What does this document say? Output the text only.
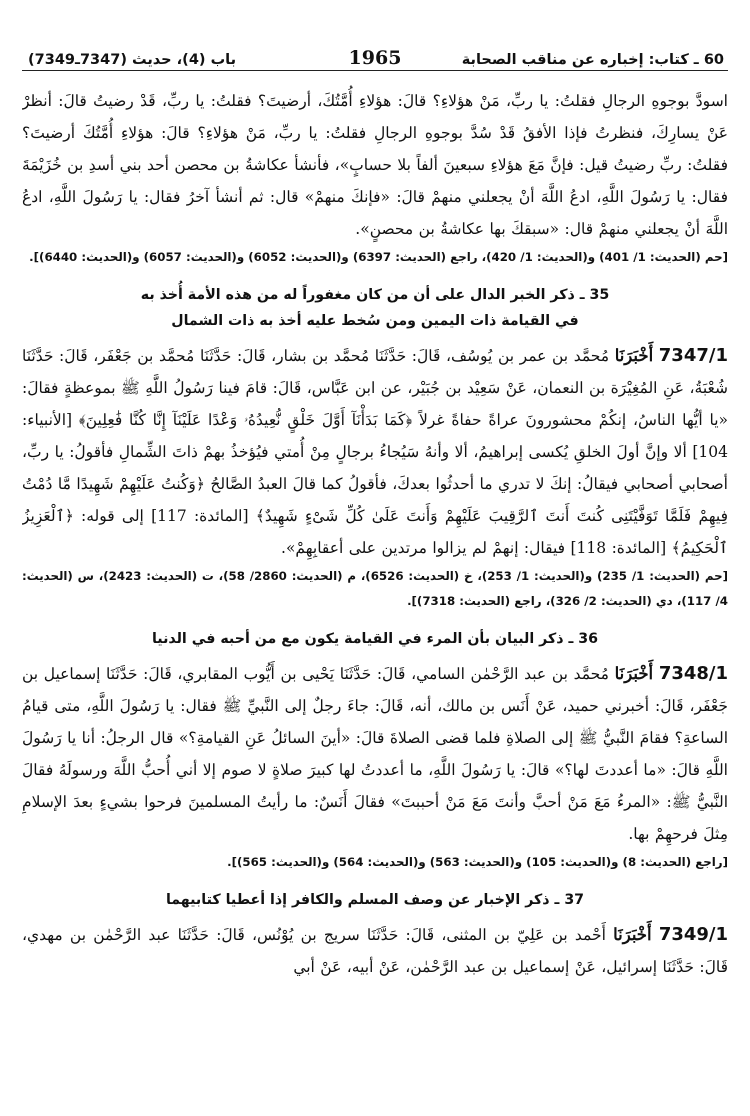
60 ـ كتاب: إخباره عن مناقب الصحابة
1965
باب (4)، حديث (7347ـ7349)

اسودَّ بوجوهِ الرجالِ فقلتُ: يا ربِّ، مَنْ هؤلاءِ؟ قالَ: هؤلاءِ أُمَّتُكَ، أرضيتَ؟ فقلتُ: يا ربِّ، قَدْ رضيتُ قالَ: أنظرْ عَنْ يسارِكَ، فنظرتُ فإذا الأفقُ قَدْ سُدَّ بوجوهِ الرجالِ فقلتُ: يا ربِّ، مَنْ هؤلاءِ؟ قالَ: هؤلاءِ أُمَّتُكَ أرضيتَ؟ فقلتُ: ربِّ رضيتُ قيل: فإنَّ مَعَ هؤلاءِ سبعينَ ألفاً بلا حسابٍ»، فأنشأ عكاشةُ بن محصن أحد بني أسدِ بن خُزَيْمَةَ فقال: يا رَسُولَ اللَّهِ، ادعُ اللَّهَ أنْ يجعلني منهمْ قالَ: «فإنكَ منهمْ» قال: ثم أنشأ آخرُ فقال: يا رَسُولَ اللَّهِ، ادعُ اللَّهَ أنْ يجعلني منهمْ قال: «سبقكَ بها عكاشةُ بن محصنٍ».

[حم (الحديث: 1/ 401) و(الحديث: 1/ 420)، راجع (الحديث: 6397) و(الحديث: 6052) و(الحديث: 6057) و(الحديث: 6440)].
35 ـ ذكر الخبر الدال على أن من كان مغفوراً له من هذه الأمة أُخذ به
في القيامة ذات اليمين ومن سُخط عليه أخذ به ذات الشمال

7347/1 أَخْبَرَنَا مُحمَّد بن عمر بن يُوسُف، قَالَ: حَدَّثَنَا مُحمَّد بن بشار، قَالَ: حَدَّثَنَا مُحمَّد بن جَعْفَر، قَالَ: حَدَّثَنَا شُعْبَةُ، عَنِ المُغِيْرَة بن النعمان، عَنْ سَعِيْد بن جُبَيْر، عن ابن عَبَّاس، قَالَ: قامَ فينا رَسُولُ اللَّهِ ﷺ بموعظةٍ فقالَ: «يا أيُّها الناسُ، إنكُمْ محشورونَ عراةً حفاةً غرلاً ﴿كَمَا بَدَأْنَآ أَوَّلَ خَلْقٍ نُّعِيدُهُۥ وَعْدًا عَلَيْنَآ إِنَّا كُنَّا فَٰعِلِينَ﴾ [الأنبياء: 104] ألا وإنَّ أولَ الخلقِ يُكسى إبراهيمُ، ألا وأنهُ سَيُجاءُ برجالٍ مِنْ أُمتي فيُؤخذُ بهمْ ذاتَ الشِّمالِ فأقولُ: يا ربِّ، أصحابي أصحابي فيقالُ: إنكَ لا تدري ما أحدثُوا بعدكَ، فأقولُ كما قالَ العبدُ الصَّالحُ ﴿وَكُنتُ عَلَيْهِمْ شَهِيدًا مَّا دُمْتُ فِيهِمْ فَلَمَّا تَوَفَّيْتَنِى كُنتَ أَنتَ ٱلرَّقِيبَ عَلَيْهِمْ وَأَنتَ عَلَىٰ كُلِّ شَىْءٍ شَهِيدٌ﴾ [المائدة: 117] إلى قوله: ﴿ٱلْعَزِيزُ ٱلْحَكِيمُ﴾ [المائدة: 118] فيقال: إنهمْ لم يزالوا مرتدين على أعقابِهِمْ».

[حم (الحديث: 1/ 235) و(الحديث: 1/ 253)، خ (الحديث: 6526)، م (الحديث: 2860/ 58)، ت (الحديث: 2423)، س (الحديث: 4/ 117)، دي (الحديث: 2/ 326)، راجع (الحديث: 7318)].
36 ـ ذكر البيان بأن المرء في القيامة يكون مع من أحبه في الدنيا

7348/1 أَخْبَرَنَا مُحمَّد بن عبد الرَّحْمٰن السامي، قَالَ: حَدَّثَنَا يَحْيى بن أَيُّوب المقابري، قَالَ: حَدَّثَنَا إسماعيل بن جَعْفَر، قَالَ: أخبرني حميد، عَنْ أَنَس بن مالك، أنه، قَالَ: جاءَ رجلٌ إلى النَّبيِّ ﷺ فقال: يا رَسُولَ اللَّهِ، متى قيامُ الساعةِ؟ فقامَ النَّبيُّ ﷺ إلى الصلاةِ فلما قضى الصلاةَ قالَ: «أينَ السائلُ عَنِ القيامةِ؟» قال الرجلُ: أنا يا رَسُولَ اللَّهِ قالَ: «ما أعددتَ لها؟» قالَ: يا رَسُولَ اللَّهِ، ما أعددتُ لها كبيرَ صلاةٍ لا صوم إلا أني أُحبُّ اللَّهَ ورسولَهُ فقالَ النَّبيُّ ﷺ: «المرءُ مَعَ مَنْ أحبَّ وأنتَ مَعَ مَنْ أحببتَ» فقالَ أَنَسٌ: ما رأيتُ المسلمينَ فرحوا بشيءٍ بعدَ الإسلامِ مِثلَ فرحهِمْ بها.

[راجع (الحديث: 8) و(الحديث: 105) و(الحديث: 563) و(الحديث: 564) و(الحديث: 565)].
37 ـ ذكر الإخبار عن وصف المسلم والكافر إذا أعطيا كتابيهما

7349/1 أَخْبَرَنَا أَحْمد بن عَلِيّ بن المثنى، قَالَ: حَدَّثَنَا سريج بن يُوْنُس، قَالَ: حَدَّثَنَا عبد الرَّحْمٰن بن مهدي، قَالَ: حَدَّثَنَا إسرائيل، عَنْ إسماعيل بن عبد الرَّحْمٰن، عَنْ أبيه، عَنْ أبي
